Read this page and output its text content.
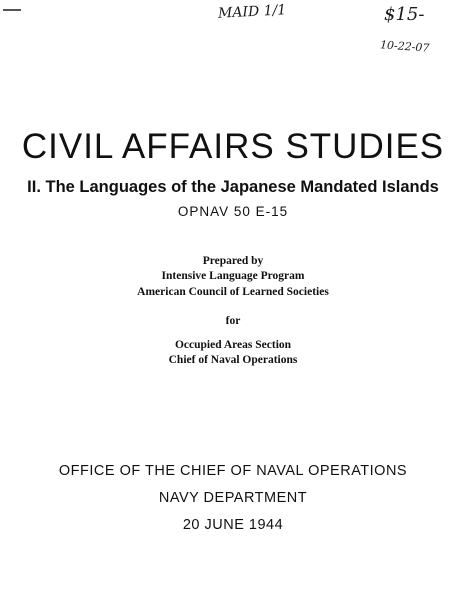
MAID 1/1	$15-
10-22-07
CIVIL AFFAIRS STUDIES
II. The Languages of the Japanese Mandated Islands
OPNAV 50 E-15
Prepared by
Intensive Language Program
American Council of Learned Societies
for
Occupied Areas Section
Chief of Naval Operations
OFFICE OF THE CHIEF OF NAVAL OPERATIONS
NAVY DEPARTMENT
20 JUNE 1944
